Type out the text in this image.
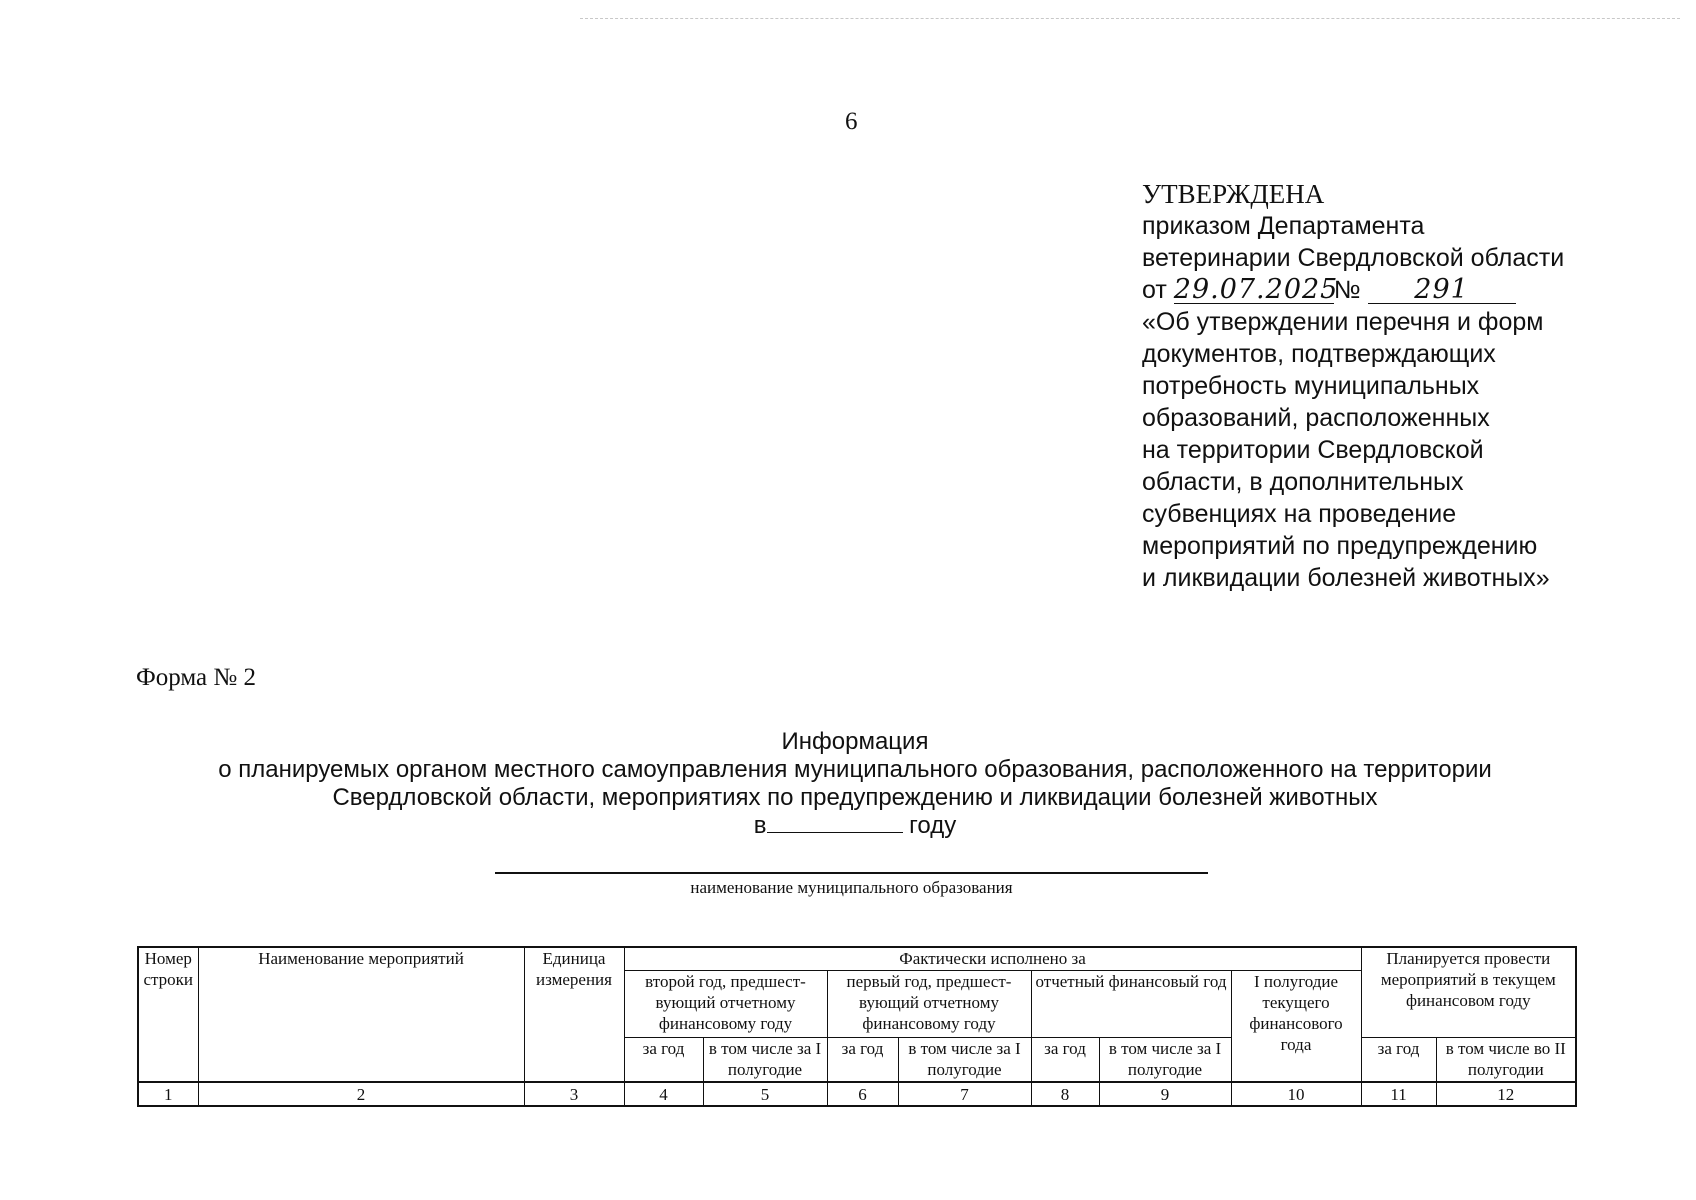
6
УТВЕРЖДЕНА
приказом Департамента
ветеринарии Свердловской области
от 29.07.2025№ 291
«Об утверждении перечня и форм
документов, подтверждающих
потребность муниципальных
образований, расположенных
на территории Свердловской
области, в дополнительных
субвенциях на проведение
мероприятий по предупреждению
и ликвидации болезней животных»
Форма № 2
Информация
о планируемых органом местного самоуправления муниципального образования, расположенного на территории
Свердловской области, мероприятиях по предупреждению и ликвидации болезней животных
в	году
наименование муниципального образования
Номер строки	Наименование мероприятий	Единица измерения	Фактически исполнено за							Планируется провести мероприятий в текущем финансовом году	
			второй год, предшест-вующий отчетному финансовому году		первый год, предшест-вующий отчетному финансовому году		отчетный финансовый год		I полугодие текущего финансового года		
			за год	в том числе за I полугодие	за год	в том числе за I полугодие	за год	в том числе за I полугодие		за год	в том числе во II полугодии
1	2	3	4	5	6	7	8	9	10	11	12
